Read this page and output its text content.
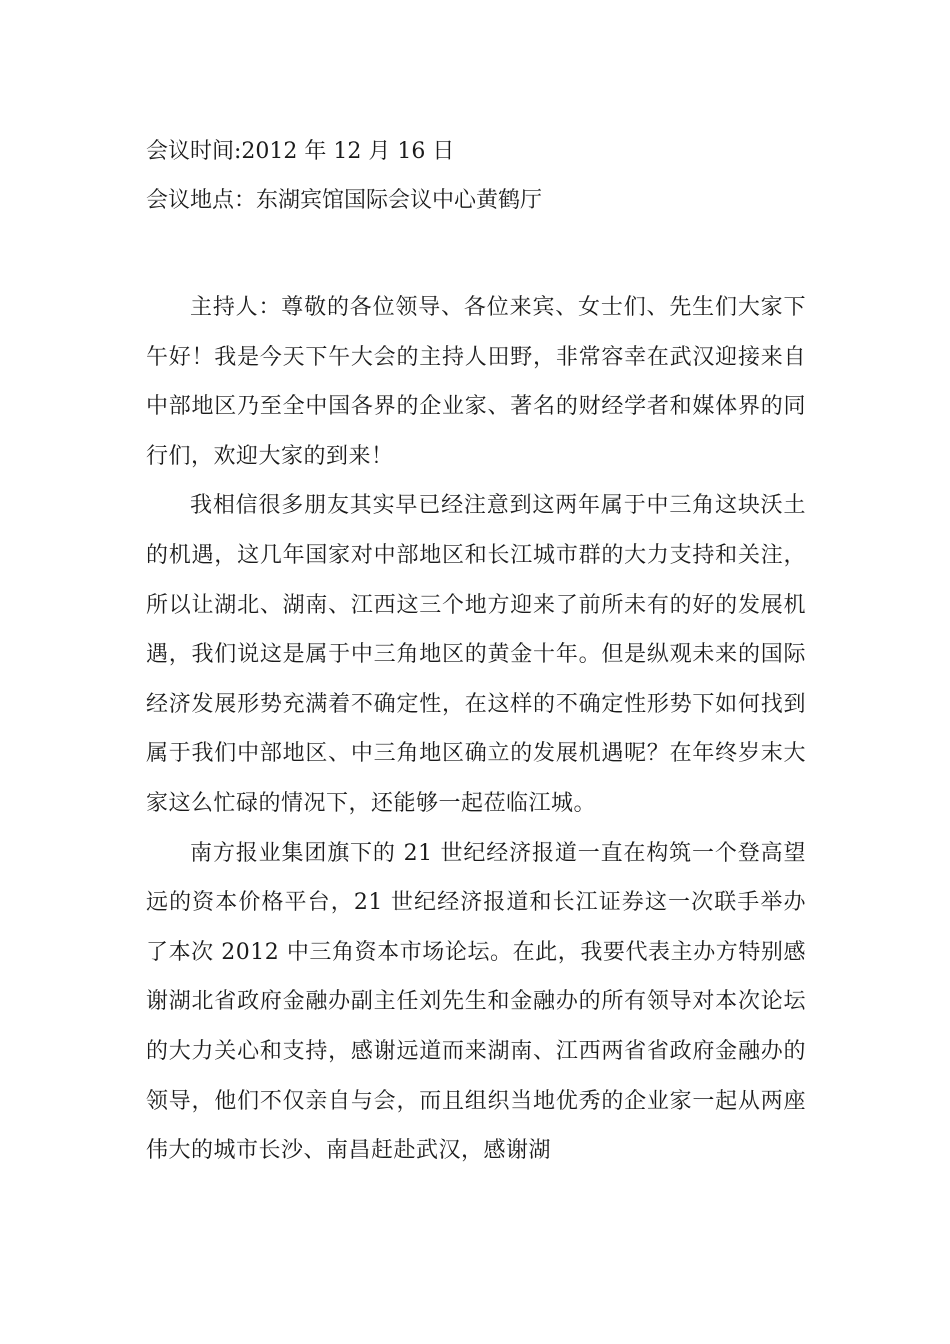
会议时间:2012 年 12 月 16 日
会议地点：东湖宾馆国际会议中心黄鹤厅

主持人：尊敬的各位领导、各位来宾、女士们、先生们大家下午好！我是今天下午大会的主持人田野，非常容幸在武汉迎接来自中部地区乃至全中国各界的企业家、著名的财经学者和媒体界的同行们，欢迎大家的到来！

我相信很多朋友其实早已经注意到这两年属于中三角这块沃土的机遇，这几年国家对中部地区和长江城市群的大力支持和关注，所以让湖北、湖南、江西这三个地方迎来了前所未有的好的发展机遇，我们说这是属于中三角地区的黄金十年。但是纵观未来的国际经济发展形势充满着不确定性，在这样的不确定性形势下如何找到属于我们中部地区、中三角地区确立的发展机遇呢？在年终岁末大家这么忙碌的情况下，还能够一起莅临江城。

南方报业集团旗下的 21 世纪经济报道一直在构筑一个登高望远的资本价格平台，21 世纪经济报道和长江证券这一次联手举办了本次 2012 中三角资本市场论坛。在此，我要代表主办方特别感谢湖北省政府金融办副主任刘先生和金融办的所有领导对本次论坛的大力关心和支持，感谢远道而来湖南、江西两省省政府金融办的领导，他们不仅亲自与会，而且组织当地优秀的企业家一起从两座伟大的城市长沙、南昌赶赴武汉，感谢湖
